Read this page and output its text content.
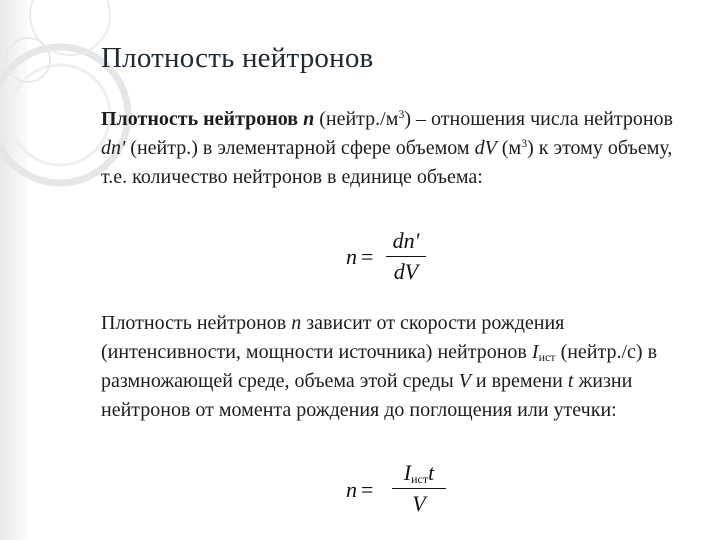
Плотность нейтронов

Плотность нейтронов n $(нейтр./м^3)$ – отношения числа нейтронов dn' (нейтр.) в элементарной сфере объемом dV $(м^3)$ к этому объему, т.е. количество нейтронов в единице объема:

n =
dn'
dV

Плотность нейтронов n зависит от скорости рождения (интенсивности, мощности источника) нейтронов $I_{ист}$ (нейтр./с) в размножающей среде, объема этой среды V и времени t жизни нейтронов от момента рождения до поглощения или утечки:

n =
$I_{ист}t$
V
